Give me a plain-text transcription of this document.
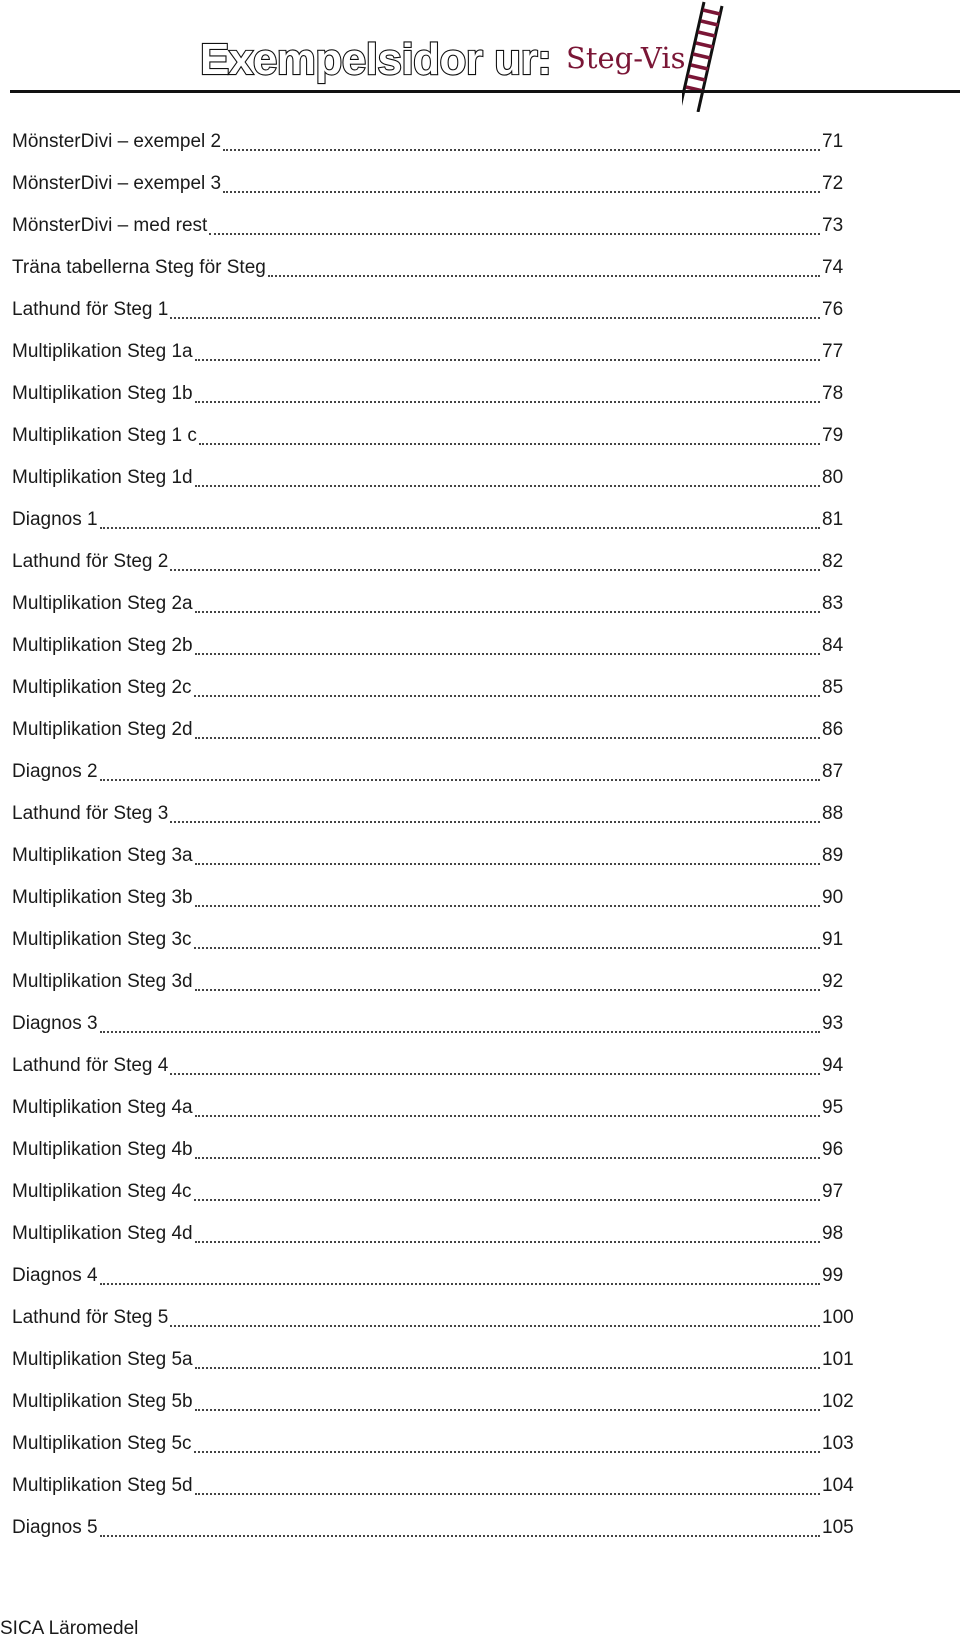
Exempelsidor ur: Steg-Vis
MönsterDivi – exempel 2	71
MönsterDivi – exempel 3	72
MönsterDivi – med rest	73
Träna tabellerna Steg för Steg	74
Lathund för Steg 1	76
Multiplikation Steg 1a	77
Multiplikation Steg 1b	78
Multiplikation Steg 1 c	79
Multiplikation Steg 1d	80
Diagnos 1	81
Lathund för Steg 2	82
Multiplikation Steg 2a	83
Multiplikation Steg 2b	84
Multiplikation Steg 2c	85
Multiplikation Steg 2d	86
Diagnos 2	87
Lathund för Steg 3	88
Multiplikation Steg 3a	89
Multiplikation Steg 3b	90
Multiplikation Steg 3c	91
Multiplikation Steg 3d	92
Diagnos 3	93
Lathund för Steg 4	94
Multiplikation Steg 4a	95
Multiplikation Steg 4b	96
Multiplikation Steg 4c	97
Multiplikation Steg 4d	98
Diagnos 4	99
Lathund för Steg 5	100
Multiplikation Steg 5a	101
Multiplikation Steg 5b	102
Multiplikation Steg 5c	103
Multiplikation Steg 5d	104
Diagnos 5	105
SICA Läromedel
